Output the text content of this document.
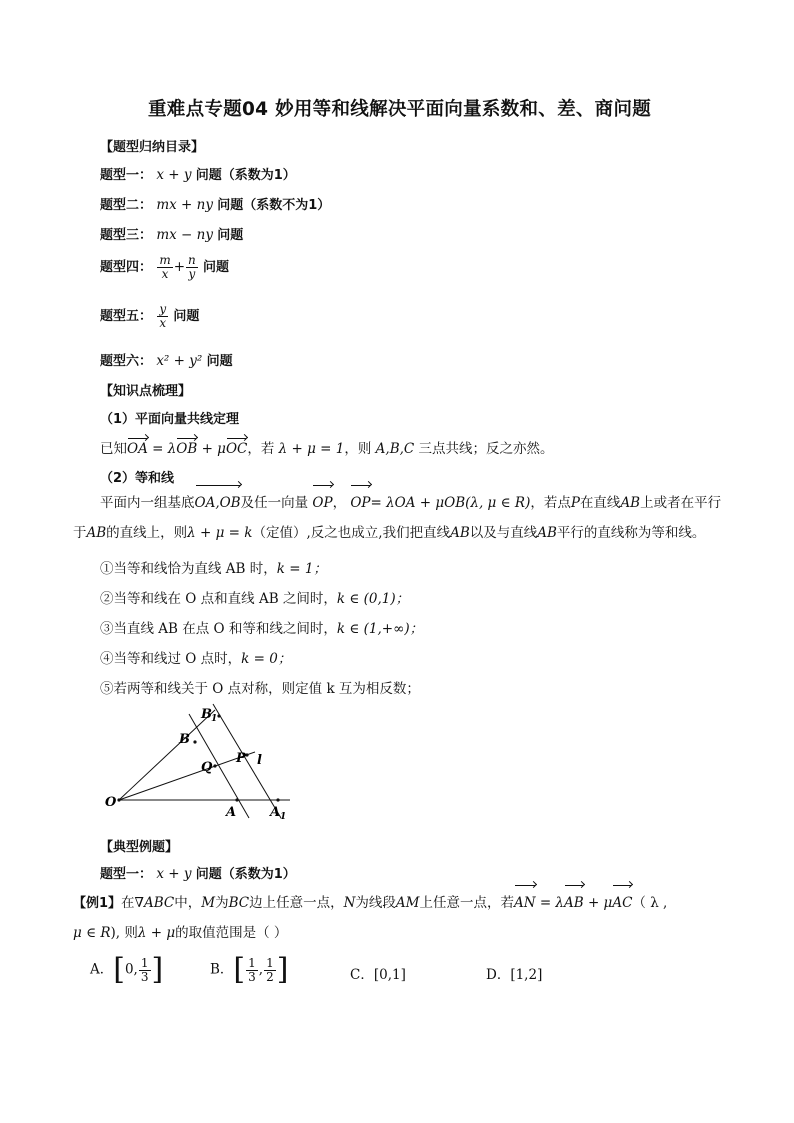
重难点专题04 妙用等和线解决平面向量系数和、差、商问题
【题型归纳目录】
题型一： x + y 问题（系数为1）
题型二： mx + ny 问题（系数不为1）
题型三： mx − ny 问题
题型四： $\frac{m}{x} + \frac{n}{y}$ 问题
题型五： $\frac{y}{x}$ 问题
题型六： x² + y² 问题
【知识点梳理】
（1）平面向量共线定理
已知OA = λOB + μOC，若 λ + μ = 1，则 A,B,C 三点共线；反之亦然。
（2）等和线
平面内一组基底OA,OB及任一向量 OP， OP= λOA + μOB(λ, μ ∈ R)，若点P在直线AB上或者在平行
于AB的直线上，则λ + μ = k（定值）,反之也成立,我们把直线AB以及与直线AB平行的直线称为等和线。
①当等和线恰为直线 AB 时，k = 1；
②当等和线在 O 点和直线 AB 之间时，k ∈ (0,1)；
③当直线 AB 在点 O 和等和线之间时，k ∈ (1,+∞)；
④当等和线过 O 点时，k = 0；
⑤若两等和线关于 O 点对称，则定值 k 互为相反数；
O
A
B
A 1
B 1
Q
P l
【典型例题】
题型一： x + y 问题（系数为1）
【例1】在∇ABC中，M为BC边上任意一点，N为线段AM上任意一点，若AN = λAB + μAC（ λ ,
μ ∈ R), 则λ + μ的取值范围是（ ）
A．[0, $\frac{1}{3}$ ]	B．[ $\frac{1}{3}$ , $\frac{1}{2}$ ]	C．[0,1]	D．[1,2]
